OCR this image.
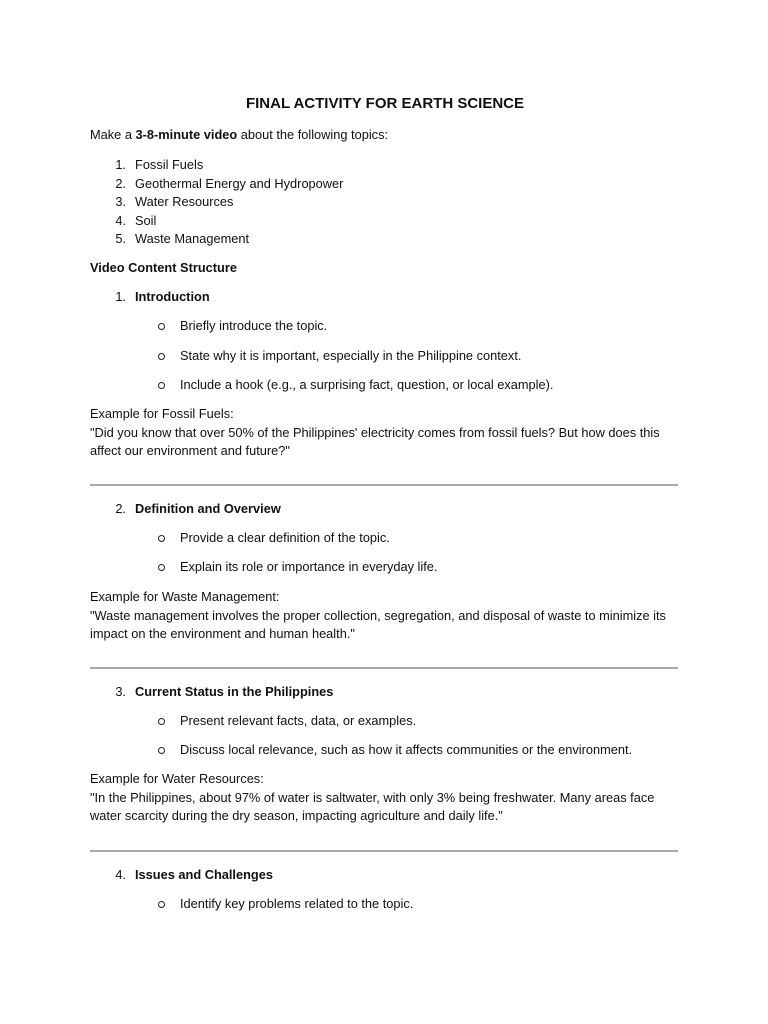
FINAL ACTIVITY FOR EARTH SCIENCE
Make a 3-8-minute video about the following topics:
1. Fossil Fuels
2. Geothermal Energy and Hydropower
3. Water Resources
4. Soil
5. Waste Management
Video Content Structure
1. Introduction
Briefly introduce the topic.
State why it is important, especially in the Philippine context.
Include a hook (e.g., a surprising fact, question, or local example).
Example for Fossil Fuels:
"Did you know that over 50% of the Philippines' electricity comes from fossil fuels? But how does this affect our environment and future?"
2. Definition and Overview
Provide a clear definition of the topic.
Explain its role or importance in everyday life.
Example for Waste Management:
"Waste management involves the proper collection, segregation, and disposal of waste to minimize its impact on the environment and human health."
3. Current Status in the Philippines
Present relevant facts, data, or examples.
Discuss local relevance, such as how it affects communities or the environment.
Example for Water Resources:
"In the Philippines, about 97% of water is saltwater, with only 3% being freshwater. Many areas face water scarcity during the dry season, impacting agriculture and daily life."
4. Issues and Challenges
Identify key problems related to the topic.
